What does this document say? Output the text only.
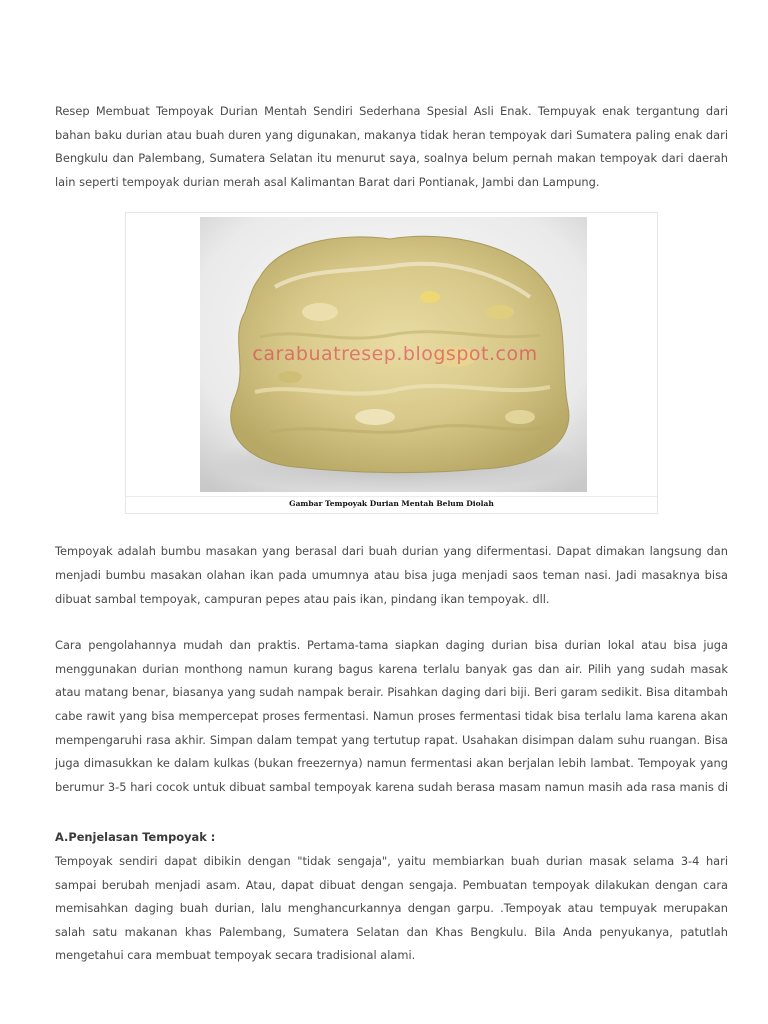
Resep Membuat Tempoyak Durian Mentah Sendiri Sederhana Spesial Asli Enak. Tempuyak enak tergantung dari bahan baku durian atau buah duren yang digunakan, makanya tidak heran tempoyak dari Sumatera paling enak dari Bengkulu dan Palembang, Sumatera Selatan itu menurut saya, soalnya belum pernah makan tempoyak dari daerah lain seperti tempoyak durian merah asal Kalimantan Barat dari Pontianak, Jambi dan Lampung.

carabuatresep.blogspot.com
Gambar Tempoyak Durian Mentah Belum Diolah

Tempoyak adalah bumbu masakan yang berasal dari buah durian yang difermentasi. Dapat dimakan langsung dan menjadi bumbu masakan olahan ikan pada umumnya atau bisa juga menjadi saos teman nasi. Jadi masaknya bisa dibuat sambal tempoyak, campuran pepes atau pais ikan, pindang ikan tempoyak. dll.

Cara pengolahannya mudah dan praktis. Pertama-tama siapkan daging durian bisa durian lokal atau bisa juga menggunakan durian monthong namun kurang bagus karena terlalu banyak gas dan air. Pilih yang sudah masak atau matang benar, biasanya yang sudah nampak berair. Pisahkan daging dari biji. Beri garam sedikit. Bisa ditambah cabe rawit yang bisa mempercepat proses fermentasi. Namun proses fermentasi tidak bisa terlalu lama karena akan mempengaruhi rasa akhir. Simpan dalam tempat yang tertutup rapat. Usahakan disimpan dalam suhu ruangan. Bisa juga dimasukkan ke dalam kulkas (bukan freezernya) namun fermentasi akan berjalan lebih lambat. Tempoyak yang berumur 3-5 hari cocok untuk dibuat sambal tempoyak karena sudah berasa masam namun masih ada rasa manis di

A.Penjelasan Tempoyak :

Tempoyak sendiri dapat dibikin dengan "tidak sengaja", yaitu membiarkan buah durian masak selama 3-4 hari sampai berubah menjadi asam. Atau, dapat dibuat dengan sengaja. Pembuatan tempoyak dilakukan dengan cara memisahkan daging buah durian, lalu menghancurkannya dengan garpu. .Tempoyak atau tempuyak merupakan salah satu makanan khas Palembang, Sumatera Selatan dan Khas Bengkulu. Bila Anda penyukanya, patutlah mengetahui cara membuat tempoyak secara tradisional alami.
